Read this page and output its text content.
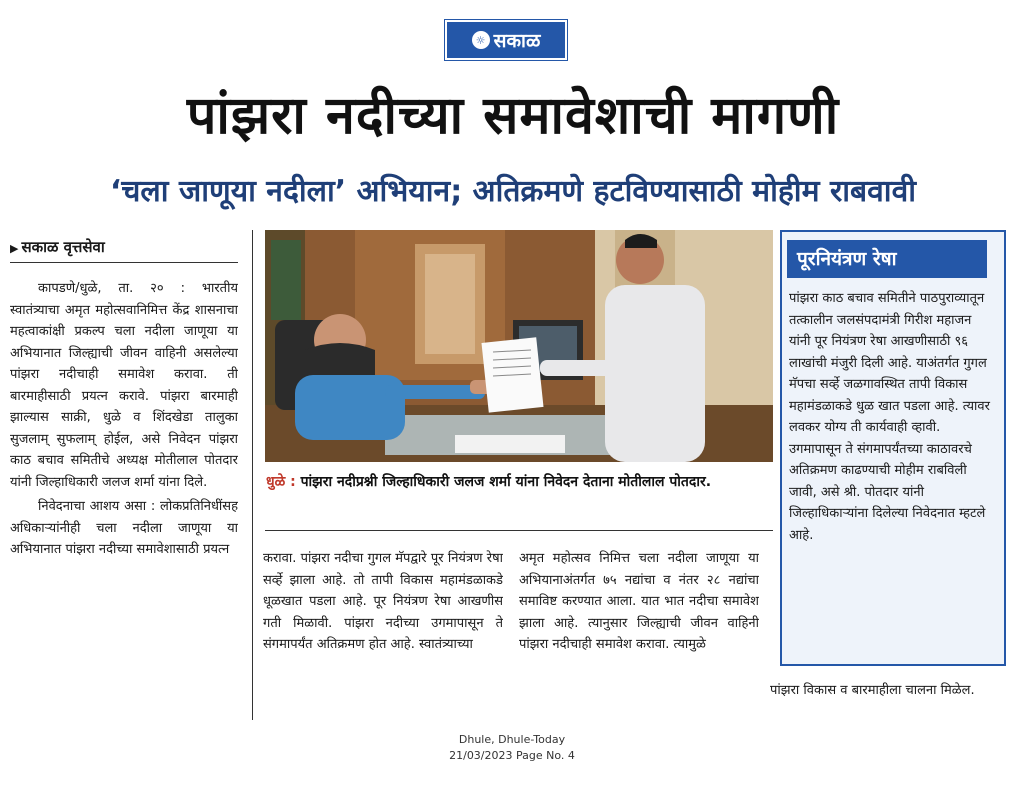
☼ सकाळ
पांझरा नदीच्या समावेशाची मागणी
‘चला जाणूया नदीला’ अभियान; अतिक्रमणे हटविण्यासाठी मोहीम राबवावी
▶ सकाळ वृत्तसेवा

कापडणे/धुळे, ता. २० : भारतीय स्वातंत्र्याचा अमृत महोत्सवानिमित्त केंद्र शासनाचा महत्वाकांक्षी प्रकल्प चला नदीला जाणूया या अभियानात जिल्ह्याची जीवन वाहिनी असलेल्या पांझरा नदीचाही समावेश करावा. ती बारमाहीसाठी प्रयत्न करावे. पांझरा बारमाही झाल्यास साक्री, धुळे व शिंदखेडा तालुका सुजलाम् सुफलाम् होईल, असे निवेदन पांझरा काठ बचाव समितीचे अध्यक्ष मोतीलाल पोतदार यांनी जिल्हाधिकारी जलज शर्मा यांना दिले.

निवेदनाचा आशय असा : लोकप्रतिनिधींसह अधिकाऱ्यांनीही चला नदीला जाणूया या अभियानात पांझरा नदीच्या समावेशासाठी प्रयत्न

धुळे : पांझरा नदीप्रश्नी जिल्हाधिकारी जलज शर्मा यांना निवेदन देताना मोतीलाल पोतदार.

करावा. पांझरा नदीचा गुगल मॅपद्वारे पूर नियंत्रण रेषा सर्व्हे झाला आहे. तो तापी विकास महामंडळाकडे धूळखात पडला आहे. पूर नियंत्रण रेषा आखणीस गती मिळावी. पांझरा नदीच्या उगमापासून ते संगमापर्यंत अतिक्रमण होत आहे. स्वातंत्र्याच्या

अमृत महोत्सव निमित्त चला नदीला जाणूया या अभियानाअंतर्गत ७५ नद्यांचा व नंतर २८ नद्यांचा समाविष्ट करण्यात आला. यात भात नदीचा समावेश झाला आहे. त्यानुसार जिल्ह्याची जीवन वाहिनी पांझरा नदीचाही समावेश करावा. त्यामुळे

पूरनियंत्रण रेषा
पांझरा काठ बचाव समितीने पाठपुराव्यातून तत्कालीन जलसंपदामंत्री गिरीश महाजन यांनी पूर नियंत्रण रेषा आखणीसाठी ९६ लाखांची मंजुरी दिली आहे. याअंतर्गत गुगल मॅपचा सर्व्हे जळगावस्थित तापी विकास महामंडळाकडे धुळ खात पडला आहे. त्यावर लवकर योग्य ती कार्यवाही व्हावी. उगमापासून ते संगमापर्यंतच्या काठावरचे अतिक्रमण काढण्याची मोहीम राबविली जावी, असे श्री. पोतदार यांनी जिल्हाधिकाऱ्यांना दिलेल्या निवेदनात म्हटले आहे.

पांझरा विकास व बारमाहीला चालना मिळेल.

Dhule, Dhule-Today
21/03/2023 Page No. 4
